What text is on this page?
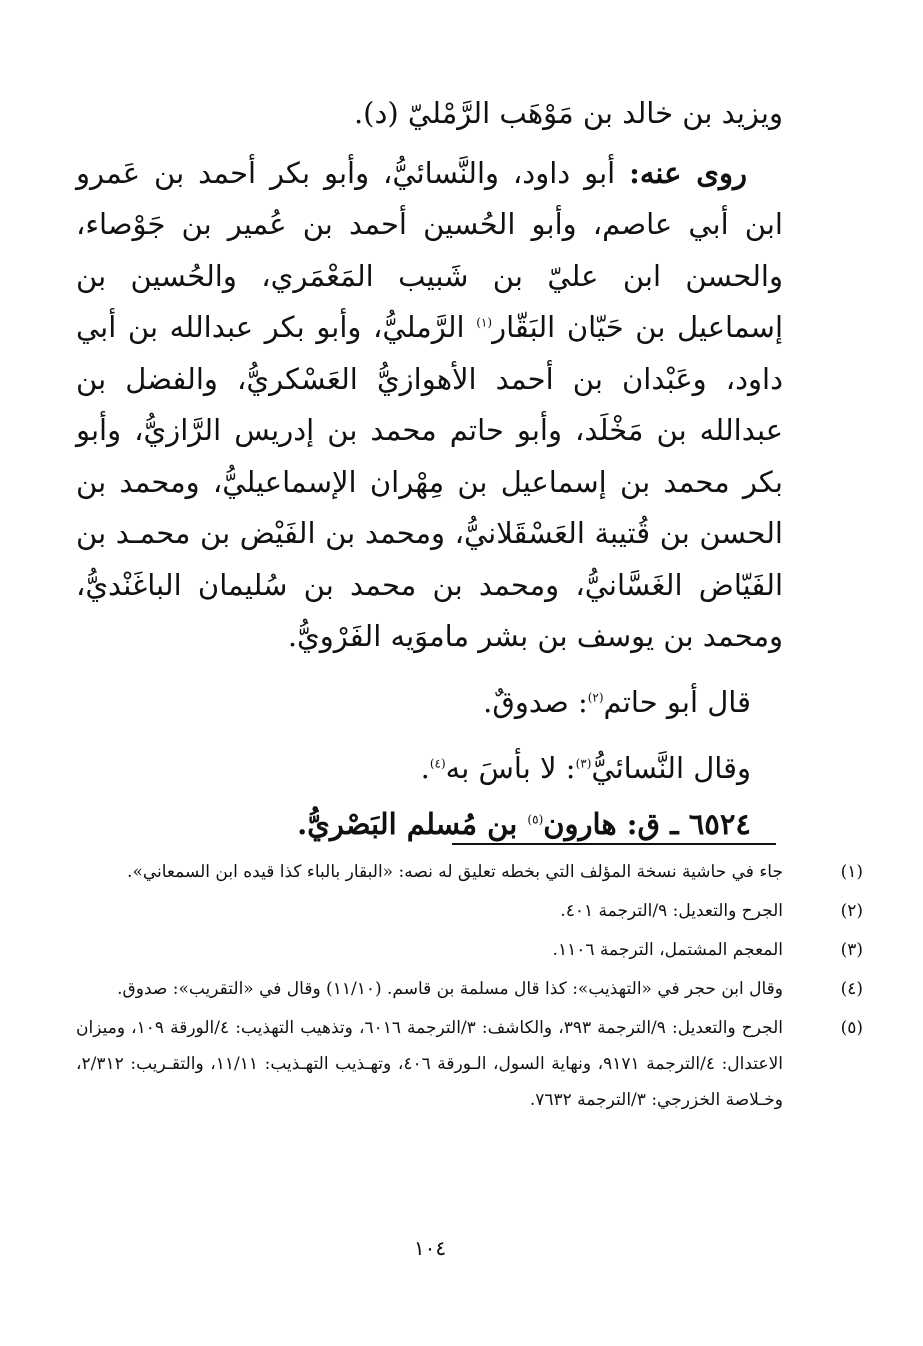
ويزيد بن خالد بن مَوْهَب الرَّمْليّ (د).

روى عنه: أبو داود، والنَّسائيُّ، وأبو بكر أحمد بن عَمرو ابن أبي عاصم، وأبو الحُسين أحمد بن عُمير بن جَوْصاء، والحسن ابن عليّ بن شَبيب المَعْمَري، والحُسين بن إسماعيل بن حَيّان البَقّار$^{(١)}$ الرَّمليُّ، وأبو بكر عبدالله بن أبي داود، وعَبْدان بن أحمد الأهوازيُّ العَسْكريُّ، والفضل بن عبدالله بن مَخْلَد، وأبو حاتم محمد بن إدريس الرَّازيُّ، وأبو بكر محمد بن إسماعيل بن مِهْران الإسماعيليُّ، ومحمد بن الحسن بن قُتيبة العَسْقَلانيُّ، ومحمد بن الفَيْض بن محمـد بن الفَيّاض الغَسَّانيُّ، ومحمد بن محمد بن سُليمان الباغَنْديُّ، ومحمد بن يوسف بن بشر ماموَيه الفَرْويُّ.

قال أبو حاتم$^{(٢)}$: صدوقٌ.

وقال النَّسائيُّ$^{(٣)}$: لا بأسَ به$^{(٤)}$.

٦٥٢٤ ـ ق: هارون$^{(٥)}$ بن مُسلم البَصْريُّ.

(١)
جاء في حاشية نسخة المؤلف التي بخطه تعليق له نصه: «البقار بالباء كذا قيده ابن السمعاني».
(٢)
الجرح والتعديل: ٩/الترجمة ٤٠١.
(٣)
المعجم المشتمل، الترجمة ١١٠٦.
(٤)
وقال ابن حجر في «التهذيب»: كذا قال مسلمة بن قاسم. (١١/١٠) وقال في «التقريب»: صدوق.
(٥)
الجرح والتعديل: ٩/الترجمة ٣٩٣، والكاشف: ٣/الترجمة ٦٠١٦، وتذهيب التهذيب: ٤/الورقة ١٠٩، وميزان الاعتدال: ٤/الترجمة ٩١٧١، ونهاية السول، الـورقة ٤٠٦، وتهـذيب التهـذيب: ١١/١١، والتقـريب: ٢/٣١٢، وخـلاصة الخزرجي: ٣/الترجمة ٧٦٣٢.
١٠٤
